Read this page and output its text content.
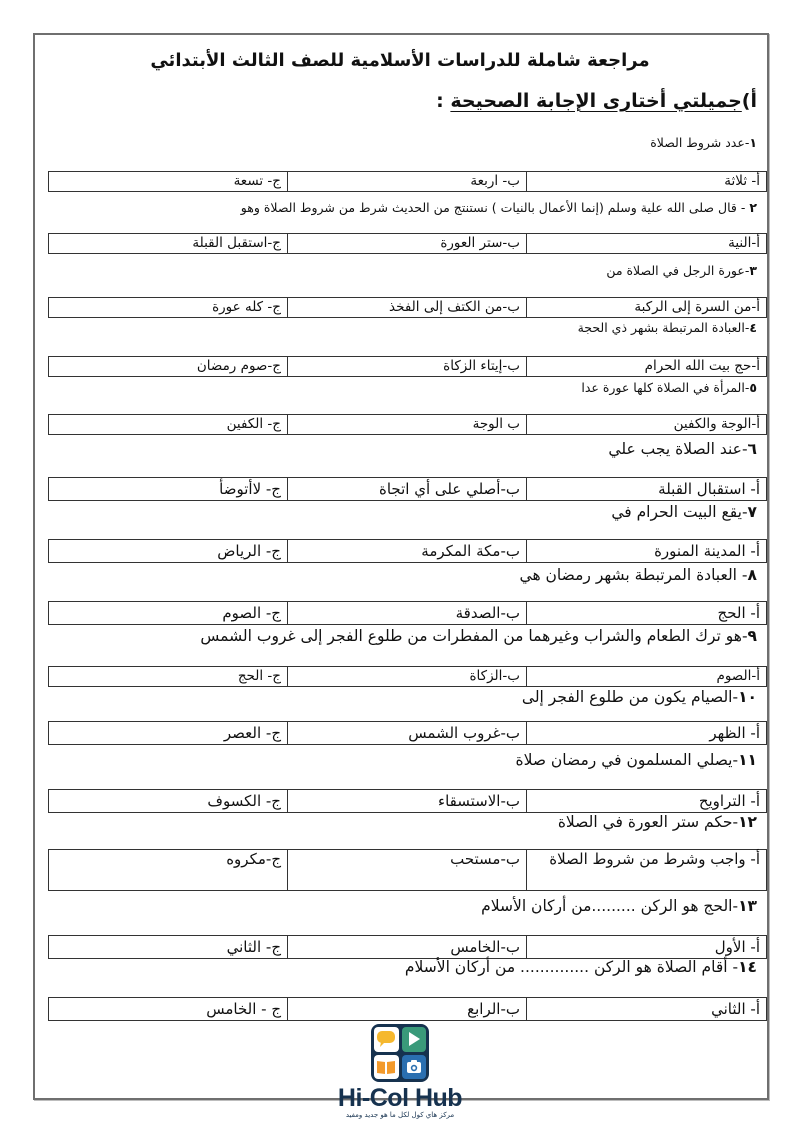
مراجعة شاملة للدراسات الأسلامية للصف الثالث الأبتدائي
أ)جميلتي أختارى الإجابة الصحيحة :
١-عدد شروط الصلاة
أ- ثلاثة	ب- اربعة	ج- تسعة
٢ - قال صلى الله علية وسلم (إنما الأعمال بالنيات ) نستنتج من الحديث شرط من شروط الصلاة وهو
أ-النية	ب-ستر العورة	ج-استقبل القبلة
٣-عورة الرجل في الصلاة من
أ-من السرة إلى الركبة	ب-من الكتف إلى الفخذ	ج- كله عورة
٤-العبادة المرتبطة بشهر ذي الحجة
أ-حج بيت الله الحرام	ب-إيتاء الزكاة	ج-صوم رمضان
٥-المرأة في الصلاة كلها عورة عدا
أ-الوجة والكفين	ب الوجة	ج- الكفين
٦-عند الصلاة يجب علي
أ- استقبال القبلة	ب-أصلي على أي اتجاة	ج- لاأتوضأ
٧-يقع البيت الحرام في
أ- المدينة المنورة	ب-مكة المكرمة	ج- الرياض
٨- العبادة المرتبطة بشهر رمضان هي
أ- الحج	ب-الصدقة	ج- الصوم
٩-هو ترك الطعام والشراب وغيرهما من المفطرات من طلوع الفجر إلى غروب الشمس
أ-الصوم	ب-الزكاة	ج- الحج
١٠-الصيام يكون من طلوع الفجر إلى
أ- الظهر	ب-غروب الشمس	ج- العصر
١١-يصلي المسلمون في رمضان صلاة
أ- التراويح	ب-الاستسقاء	ج- الكسوف
١٢-حكم ستر العورة في الصلاة
أ- واجب وشرط من شروط الصلاة	ب-مستحب	ج-مكروه
١٣-الحج هو الركن .........من أركان الأسلام
أ- الأول	ب-الخامس	ج- الثاني
١٤- أقام الصلاة هو الركن .............. من أركان الأسلام
أ- الثاني	ب-الرابع	ج - الخامس
Hi-Col Hub
مركز هاي كول لكل ما هو جديد ومفيد
